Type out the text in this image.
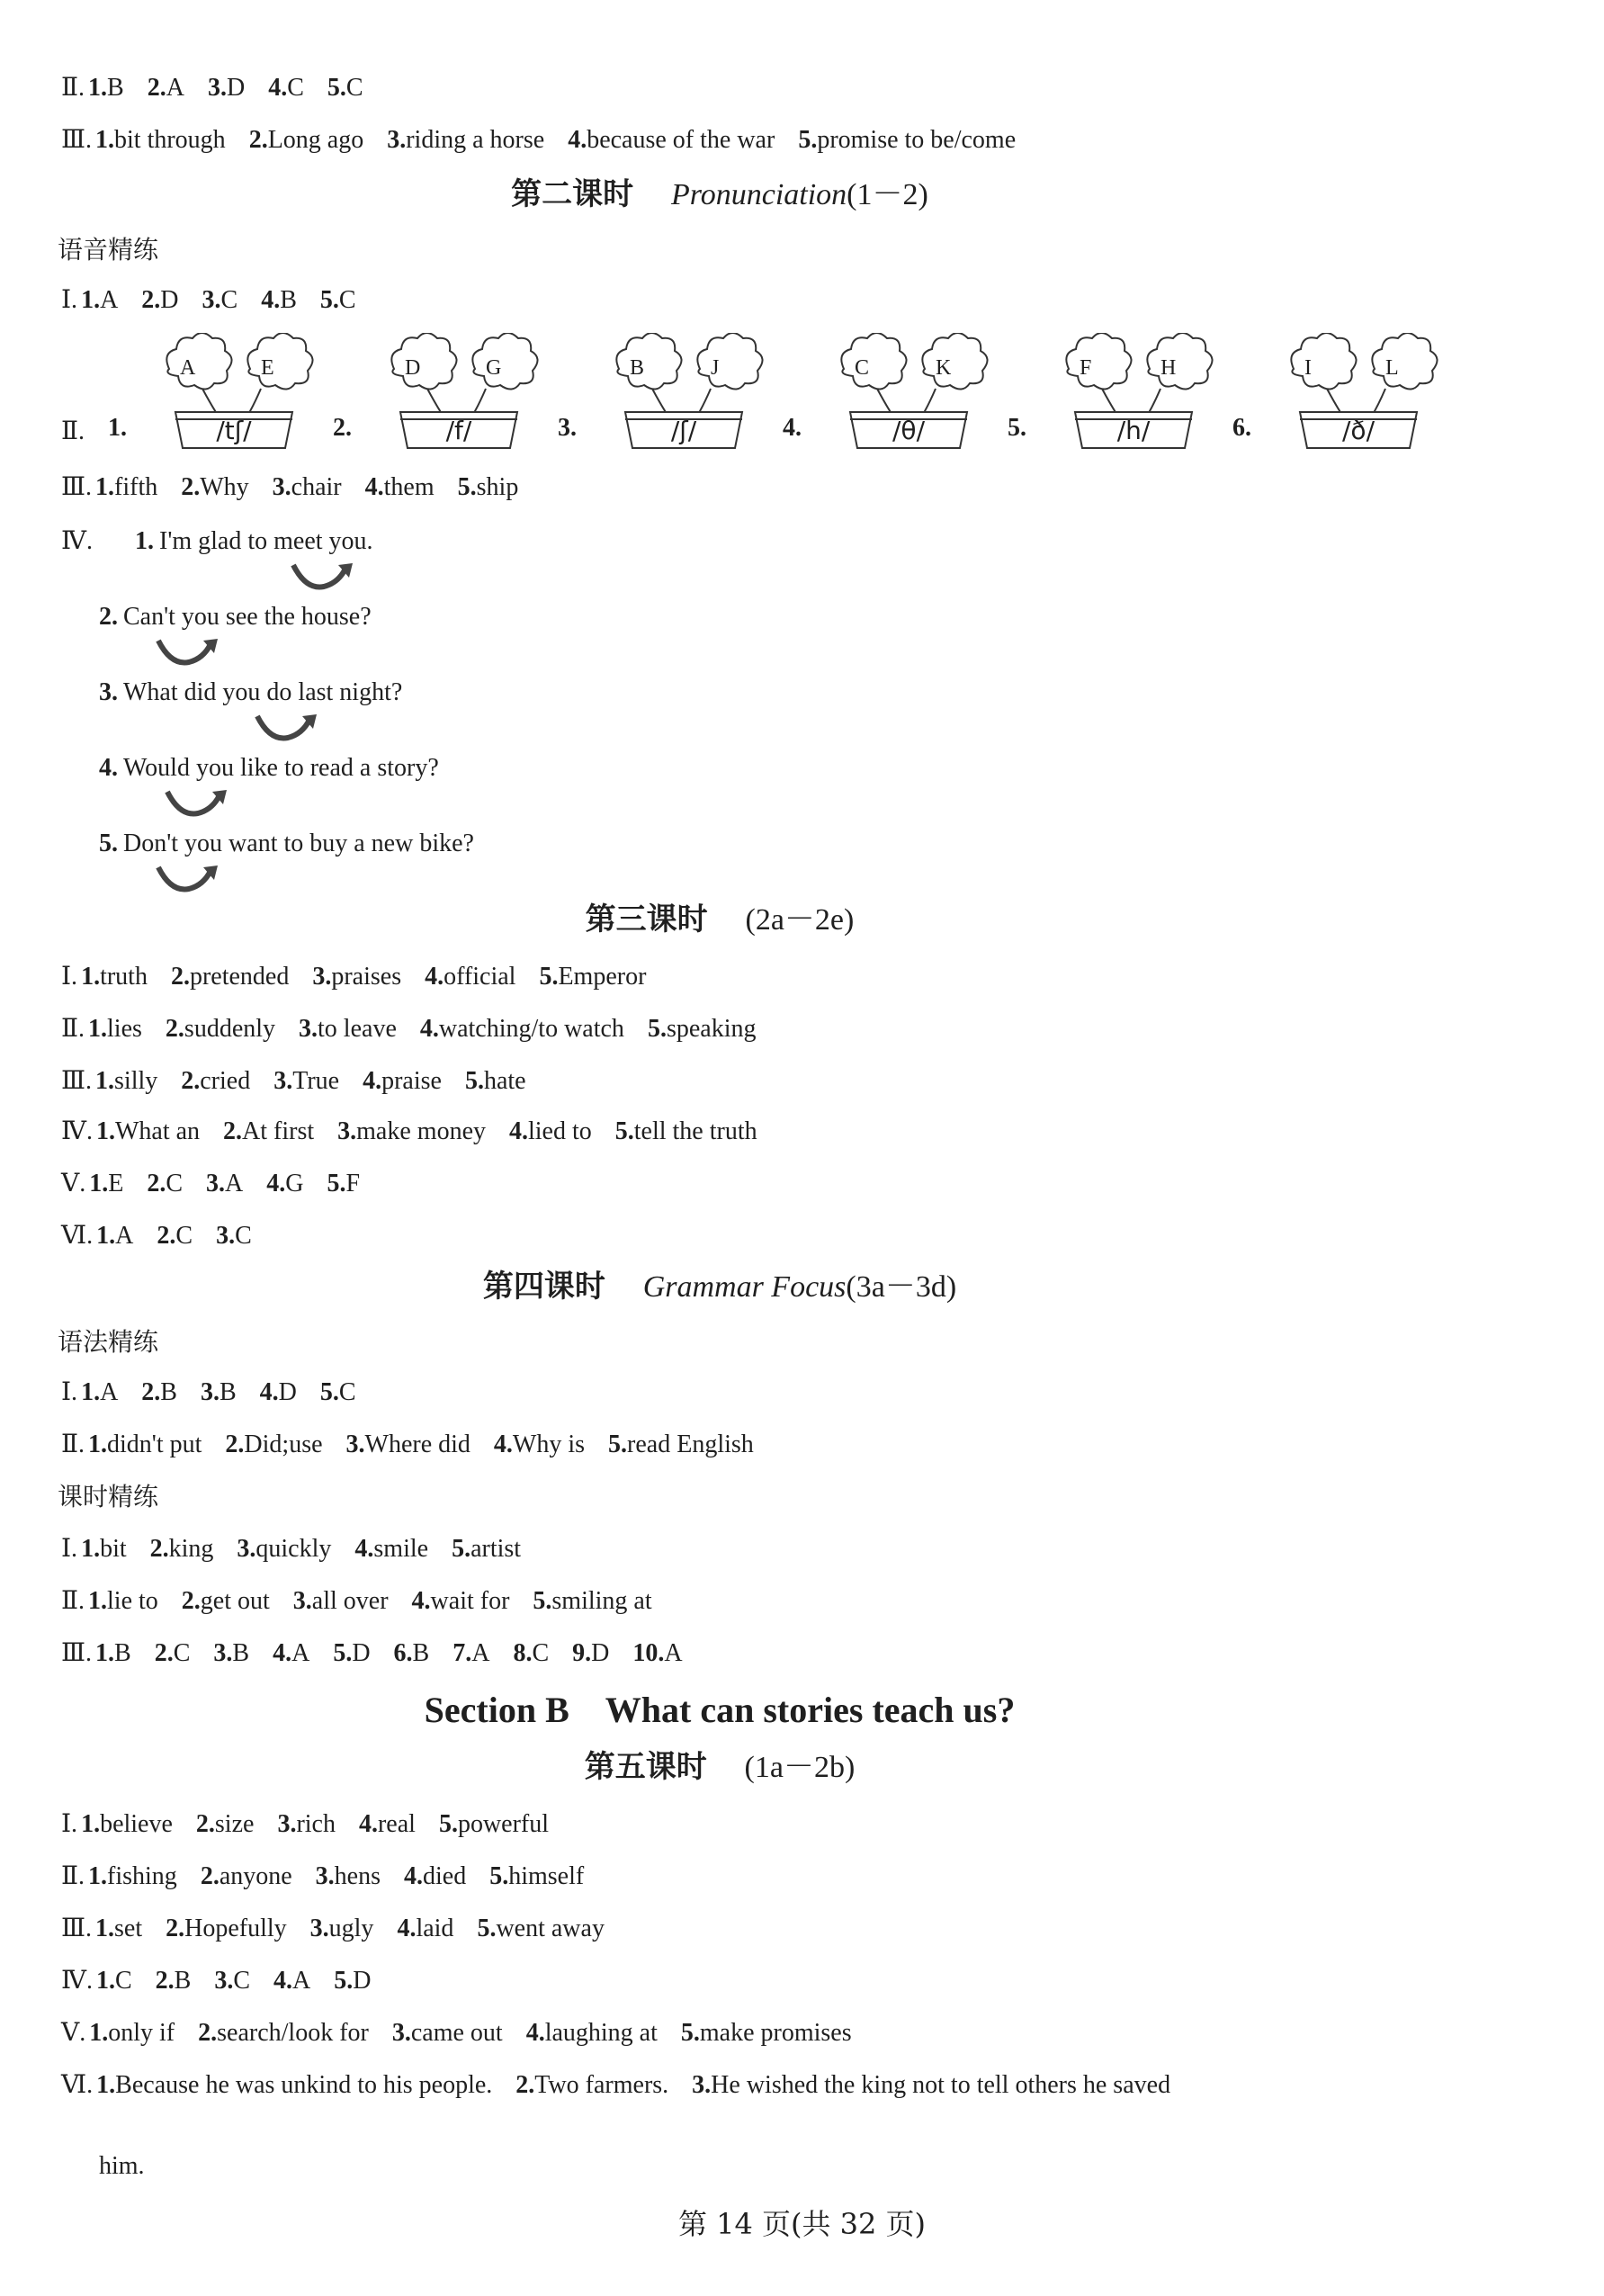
Ⅱ. 1.B 2.A 3.D 4.C 5.C
Ⅲ. 1.bit through 2.Long ago 3.riding a horse 4.because of the war 5.promise to be/come
第二课时 Pronunciation(1－2)
语音精练
Ⅰ. 1.A 2.D 3.C 4.B 5.C
Ⅱ. 1.
A	E
/tʃ/	2.
D	G
/f/	3.
B	J
/ʃ/	4.
C	K
/θ/	5.
F	H
/h/	6.
I	L
/ð/
Ⅲ. 1.fifth 2.Why 3.chair 4.them 5.ship
Ⅳ.	1. I'm glad to meet you.
2. Can't you see the house?
3. What did you do last night?
4. Would you like to read a story?
5. Don't you want to buy a new bike?
第三课时 (2a－2e)
Ⅰ. 1.truth 2.pretended 3.praises 4.official 5.Emperor
Ⅱ. 1.lies 2.suddenly 3.to leave 4.watching/to watch 5.speaking
Ⅲ. 1.silly 2.cried 3.True 4.praise 5.hate
Ⅳ. 1.What an 2.At first 3.make money 4.lied to 5.tell the truth
Ⅴ. 1.E 2.C 3.A 4.G 5.F
Ⅵ. 1.A 2.C 3.C
第四课时 Grammar Focus(3a－3d)
语法精练
Ⅰ. 1.A 2.B 3.B 4.D 5.C
Ⅱ. 1.didn't put 2.Did;use 3.Where did 4.Why is 5.read English
课时精练
Ⅰ. 1.bit 2.king 3.quickly 4.smile 5.artist
Ⅱ. 1.lie to 2.get out 3.all over 4.wait for 5.smiling at
Ⅲ. 1.B 2.C 3.B 4.A 5.D 6.B 7.A 8.C 9.D 10.A
Section B What can stories teach us?
第五课时 (1a－2b)
Ⅰ. 1.believe 2.size 3.rich 4.real 5.powerful
Ⅱ. 1.fishing 2.anyone 3.hens 4.died 5.himself
Ⅲ. 1.set 2.Hopefully 3.ugly 4.laid 5.went away
Ⅳ. 1.C 2.B 3.C 4.A 5.D
Ⅴ. 1.only if 2.search/look for 3.came out 4.laughing at 5.make promises
Ⅵ. 1.Because he was unkind to his people. 2.Two farmers. 3.He wished the king not to tell others he saved
him.
第 14 页(共 32 页)
